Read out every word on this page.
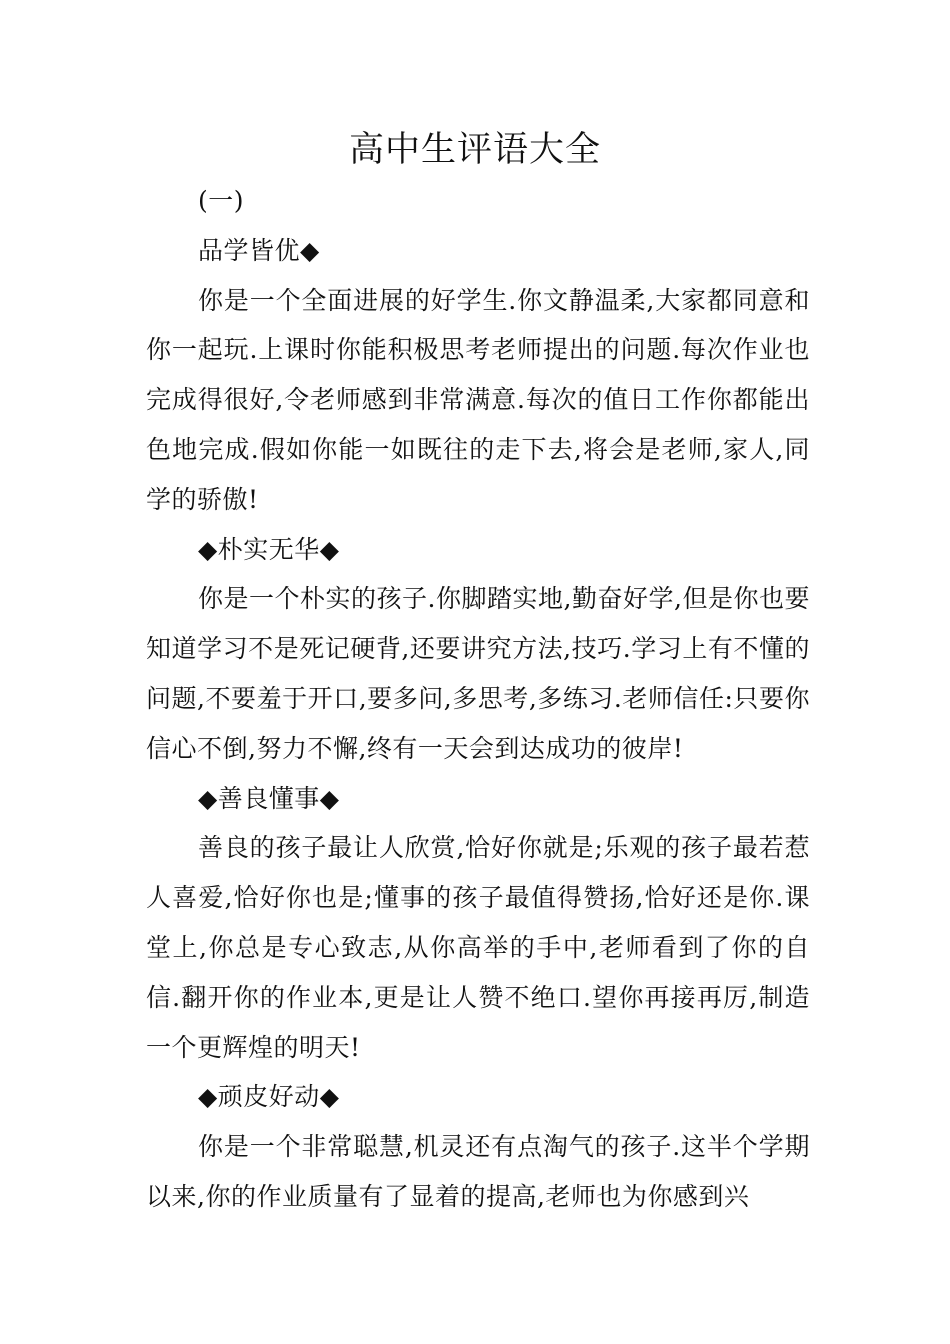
高中生评语大全

(一)

品学皆优◆

你是一个全面进展的好学生.你文静温柔,大家都同意和你一起玩.上课时你能积极思考老师提出的问题.每次作业也完成得很好,令老师感到非常满意.每次的值日工作你都能出色地完成.假如你能一如既往的走下去,将会是老师,家人,同学的骄傲!

◆朴实无华◆

你是一个朴实的孩子.你脚踏实地,勤奋好学,但是你也要知道学习不是死记硬背,还要讲究方法,技巧.学习上有不懂的问题,不要羞于开口,要多问,多思考,多练习.老师信任:只要你信心不倒,努力不懈,终有一天会到达成功的彼岸!

◆善良懂事◆

善良的孩子最让人欣赏,恰好你就是;乐观的孩子最若惹人喜爱,恰好你也是;懂事的孩子最值得赞扬,恰好还是你.课堂上,你总是专心致志,从你高举的手中,老师看到了你的自信.翻开你的作业本,更是让人赞不绝口.望你再接再厉,制造一个更辉煌的明天!

◆顽皮好动◆

你是一个非常聪慧,机灵还有点淘气的孩子.这半个学期以来,你的作业质量有了显着的提高,老师也为你感到兴
